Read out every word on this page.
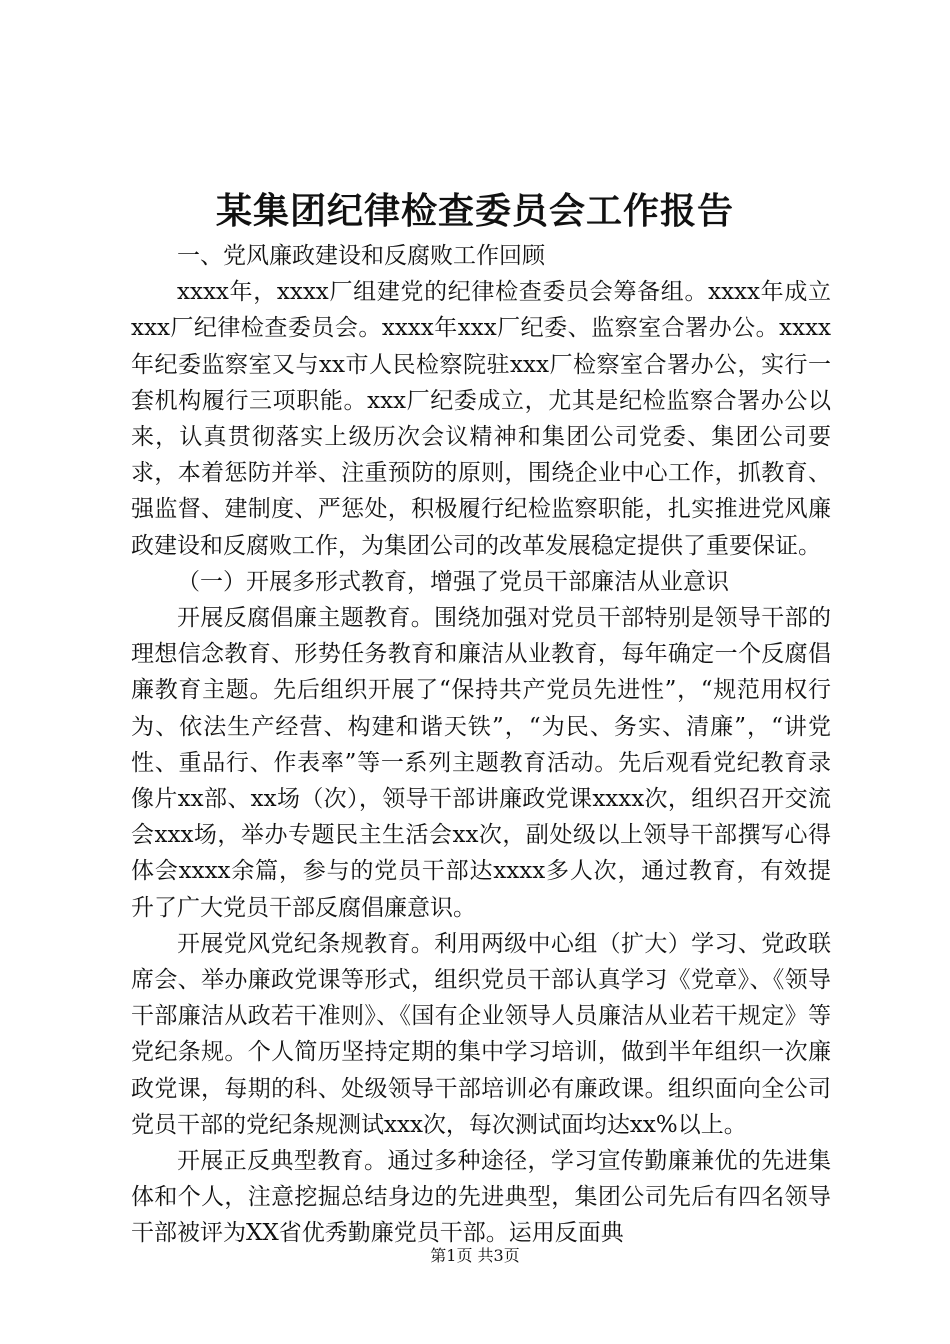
某集团纪律检查委员会工作报告

一、党风廉政建设和反腐败工作回顾

xxxx年，xxxx厂组建党的纪律检查委员会筹备组。xxxx年成立xxx厂纪律检查委员会。xxxx年xxx厂纪委、监察室合署办公。xxxx年纪委监察室又与xx市人民检察院驻xxx厂检察室合署办公，实行一套机构履行三项职能。xxx厂纪委成立，尤其是纪检监察合署办公以来，认真贯彻落实上级历次会议精神和集团公司党委、集团公司要求，本着惩防并举、注重预防的原则，围绕企业中心工作，抓教育、强监督、建制度、严惩处，积极履行纪检监察职能，扎实推进党风廉政建设和反腐败工作，为集团公司的改革发展稳定提供了重要保证。

（一）开展多形式教育，增强了党员干部廉洁从业意识

开展反腐倡廉主题教育。围绕加强对党员干部特别是领导干部的理想信念教育、形势任务教育和廉洁从业教育，每年确定一个反腐倡廉教育主题。先后组织开展了“保持共产党员先进性”，“规范用权行为、依法生产经营、构建和谐天铁”，“为民、务实、清廉”，“讲党性、重品行、作表率”等一系列主题教育活动。先后观看党纪教育录像片xx部、xx场（次），领导干部讲廉政党课xxxx次，组织召开交流会xxx场，举办专题民主生活会xx次，副处级以上领导干部撰写心得体会xxxx余篇，参与的党员干部达xxxx多人次，通过教育，有效提升了广大党员干部反腐倡廉意识。

开展党风党纪条规教育。利用两级中心组（扩大）学习、党政联席会、举办廉政党课等形式，组织党员干部认真学习《党章》、《领导干部廉洁从政若干准则》、《国有企业领导人员廉洁从业若干规定》等党纪条规。个人简历坚持定期的集中学习培训，做到半年组织一次廉政党课，每期的科、处级领导干部培训必有廉政课。组织面向全公司党员干部的党纪条规测试xxx次，每次测试面均达xx%以上。

开展正反典型教育。通过多种途径，学习宣传勤廉兼优的先进集体和个人，注意挖掘总结身边的先进典型，集团公司先后有四名领导干部被评为XX省优秀勤廉党员干部。运用反面典

第1页 共3页
